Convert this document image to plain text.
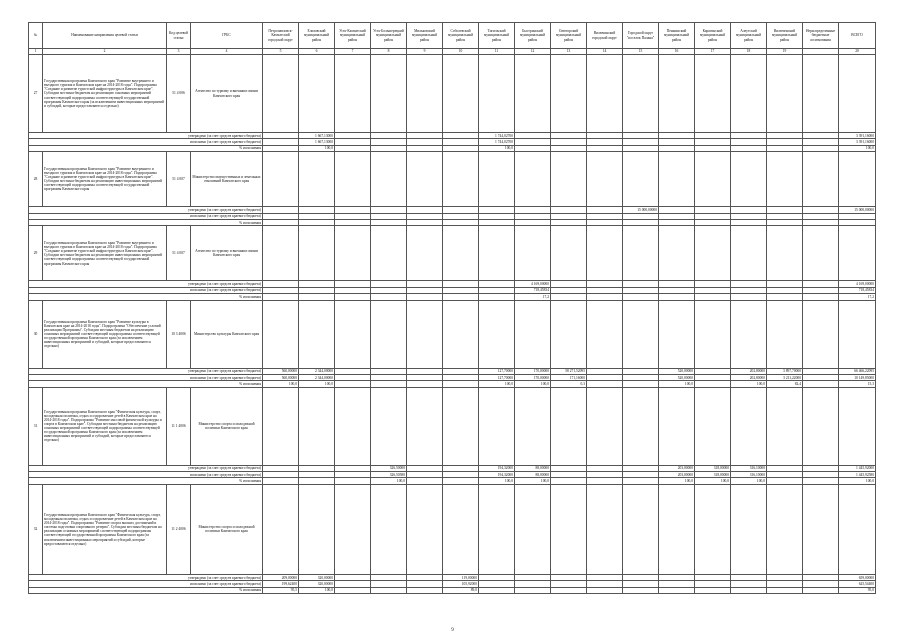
№	Наименование направления целевой статьи	Код целевой статьи	ГРБС	Петропавловск-Камчатский городской округ	Елизовский муниципальный район	Усть-Камчатский муниципальный район	Усть-Большерецкий муниципальный район	Мильковский муниципальный район	Соболевский муниципальный район	Тигильский муниципальный район	Быстринский муниципальный район	Олюторский муниципальный район	Вилючинский городской округ	Городской округ "поселок Палана"	Пенжинский муниципальный район	Карагинский муниципальный район	Алеутский муниципальный район	Вилюченский муниципальный район	Нераспределенные бюджетные ассигнования	ВСЕГО
1	2	3	4	5	6	7	8	9	10	11	12	13	14	15	16	17	18	19		20
27	Государственная программа Камчатского края "Развитие внутреннего и въездного туризма в Камчатском крае на 2014-2018 годы". Подпрограмма "Создание и развитие туристской инфраструктуры в Камчатском крае". Субсидии местным бюджетам на реализацию основных мероприятий соответствующей подпрограммы соответствующей государственной программы Камчатского края (за исключением инвестиционных мероприятий и субсидий, которые предоставляются отдельно)	51 4 006	Агентство по туризму и внешним связям Камчатского края																	
утверждено (за счет средств краевого бюджета)					1 667,13000					1 744,02700										3 391,16000
исполнено (за счет средств краевого бюджета)					1 667,13000					1 744,02700										3 391,16000
% исполнения					100,0					100,0										100,0
28	Государственная программа Камчатского края "Развитие внутреннего и въездного туризма в Камчатском крае на 2014-2018 годы". Подпрограмма "Создание и развитие туристской инфраструктуры в Камчатском крае". Субсидии местным бюджетам на реализацию инвестиционных мероприятий соответствующей подпрограммы соответствующей государственной программы Камчатского края	51 4 007	Министерство имущественных и земельных отношений Камчатского края																	
утверждено (за счет средств краевого бюджета)														15 000,00000						15 000,00000
исполнено (за счет средств краевого бюджета)																				
% исполнения																				
29	Государственная программа Камчатского края "Развитие внутреннего и въездного туризма в Камчатском крае на 2014-2018 годы". Подпрограмма "Создание и развитие туристской инфраструктуры в Камчатском крае". Субсидии местным бюджетам на реализацию инвестиционных мероприятий соответствующей подпрограммы соответствующей государственной программы Камчатского края	51 4 007	Агентство по туризму и внешним связям Камчатского края																	
утверждено (за счет средств краевого бюджета)											4 169,00000									4 169,00000
исполнено (за счет средств краевого бюджета)											718,45834									718,45834
% исполнения											17,2									17,2
30	Государственная программа Камчатского края "Развитие культуры в Камчатском крае на 2014-2018 годы". Подпрограмма "Обеспечение условий реализации Программы". Субсидии местным бюджетам на реализацию основных мероприятий соответствующей подпрограммы соответствующей государственной программы Камчатского края (за исключением инвестиционных мероприятий и субсидий, которые предоставляются отдельно)	10 3 4006	Министерство культуры Камчатского края																	
утверждено (за счет средств краевого бюджета)				560,00000	2 344,00000					127,70000	170,00000	58 271,52095			520,00000		202,80000	3 897,70000		66 466,22095
исполнено (за счет средств краевого бюджета)				560,00000	2 344,00000					127,70000	170,00000	171,16000			520,00000		202,80000	3 211,22000		10 149,85000
% исполнения				100,0	100,0					100,0	100,0	0,3			100,0		100,0	82,4		15,3
31	Государственная программа Камчатского края "Физическая культура, спорт, молодежная политика, отдых и оздоровление детей в Камчатском крае на 2014-2018 годы". Подпрограмма "Развитие массовой физической культуры и спорта в Камчатском крае". Субсидии местным бюджетам на реализацию основных мероприятий соответствующей подпрограммы соответствующей государственной программы Камчатского края (за исключением инвестиционных мероприятий и субсидий, которые предоставляются отдельно)	11 1 4006	Министерство спорта и молодежной политики Камчатского края																	
утверждено (за счет средств краевого бюджета)							326,50000			194,32000	88,00000				203,00000	318,00000	316,10000			1 445,92000
исполнено (за счет средств краевого бюджета)							326,50580			194,32000	88,00000				203,00000	318,00000	316,10000			1 445,92580
% исполнения							100,0			100,0	100,0				100,0	100,0	100,0			100,0
32	Государственная программа Камчатского края "Физическая культура, спорт, молодежная политика, отдых и оздоровление детей в Камчатском крае на 2014-2018 годы". Подпрограмма "Развитие спорта высших достижений и системы подготовки спортивного резерва". Субсидии местным бюджетам на реализацию основных мероприятий соответствующей подпрограммы соответствующей государственной программы Камчатского края (за исключением инвестиционных мероприятий и субсидий, которые предоставляются отдельно)	11 2 4006	Министерство спорта и молодежной политики Камчатского края																	
утверждено (за счет средств краевого бюджета)				209,00000	320,00000				119,00000											659,00000
исполнено (за счет средств краевого бюджета)				199,62400	320,00000				105,92000											625,54400
% исполнения				95,5	100,0				89,0											95,0
9
